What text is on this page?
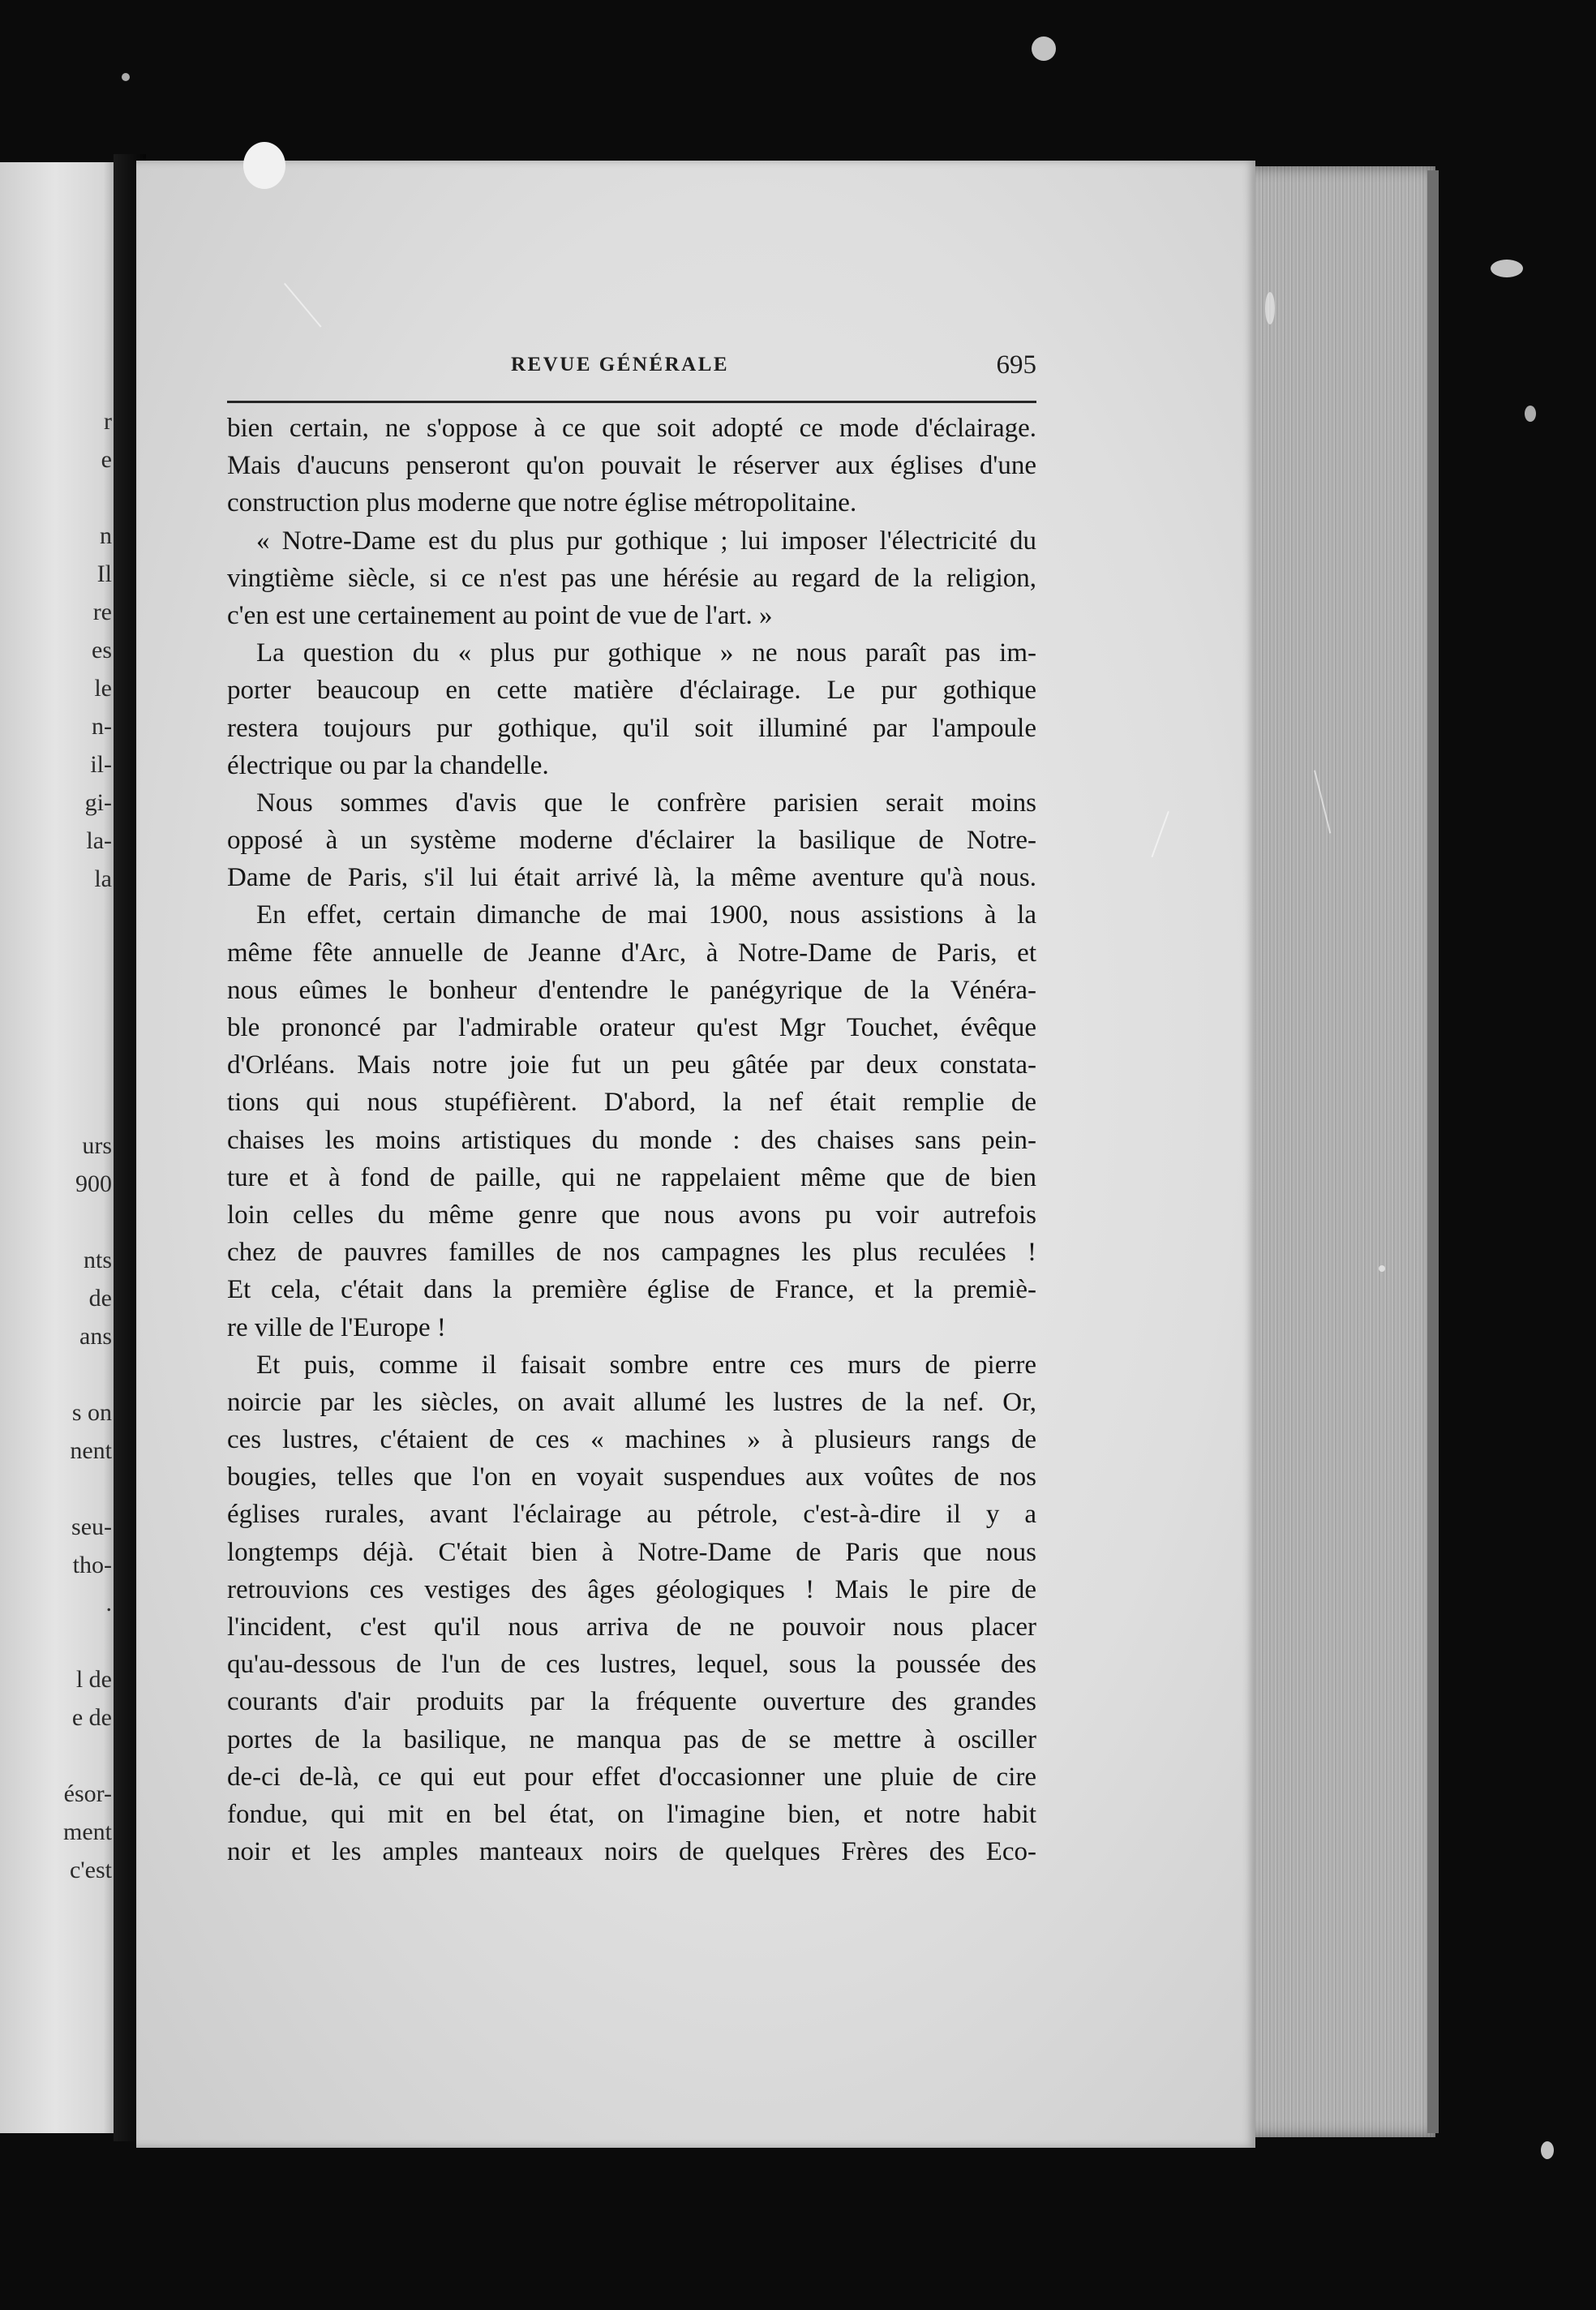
r
e
n
Il
re
es
le
n-
il-
gi-
la-
la
urs
900
nts
de
ans
s on
nent
seu-
tho-
.
l de
e de
ésor-
ment
c'est
REVUE GÉNÉRALE	695
bien certain, ne s'oppose à ce que soit adopté ce mode d'éclairage.
Mais d'aucuns penseront qu'on pouvait le réserver aux églises d'une
construction plus moderne que notre église métropolitaine.
« Notre-Dame est du plus pur gothique ; lui imposer l'électricité du
vingtième siècle, si ce n'est pas une hérésie au regard de la religion,
c'en est une certainement au point de vue de l'art. »
La question du « plus pur gothique » ne nous paraît pas im-
porter beaucoup en cette matière d'éclairage. Le pur gothique
restera toujours pur gothique, qu'il soit illuminé par l'ampoule
électrique ou par la chandelle.
Nous sommes d'avis que le confrère parisien serait moins
opposé à un système moderne d'éclairer la basilique de Notre-
Dame de Paris, s'il lui était arrivé là, la même aventure qu'à nous.
En effet, certain dimanche de mai 1900, nous assistions à la
même fête annuelle de Jeanne d'Arc, à Notre-Dame de Paris, et
nous eûmes le bonheur d'entendre le panégyrique de la Vénéra-
ble prononcé par l'admirable orateur qu'est Mgr Touchet, évêque
d'Orléans. Mais notre joie fut un peu gâtée par deux constata-
tions qui nous stupéfièrent. D'abord, la nef était remplie de
chaises les moins artistiques du monde : des chaises sans pein-
ture et à fond de paille, qui ne rappelaient même que de bien
loin celles du même genre que nous avons pu voir autrefois
chez de pauvres familles de nos campagnes les plus reculées !
Et cela, c'était dans la première église de France, et la premiè-
re ville de l'Europe !
Et puis, comme il faisait sombre entre ces murs de pierre
noircie par les siècles, on avait allumé les lustres de la nef. Or,
ces lustres, c'étaient de ces « machines » à plusieurs rangs de
bougies, telles que l'on en voyait suspendues aux voûtes de nos
églises rurales, avant l'éclairage au pétrole, c'est-à-dire il y a
longtemps déjà. C'était bien à Notre-Dame de Paris que nous
retrouvions ces vestiges des âges géologiques ! Mais le pire de
l'incident, c'est qu'il nous arriva de ne pouvoir nous placer
qu'au-dessous de l'un de ces lustres, lequel, sous la poussée des
courants d'air produits par la fréquente ouverture des grandes
portes de la basilique, ne manqua pas de se mettre à osciller
de-ci de-là, ce qui eut pour effet d'occasionner une pluie de cire
fondue, qui mit en bel état, on l'imagine bien, et notre habit
noir et les amples manteaux noirs de quelques Frères des Eco-
